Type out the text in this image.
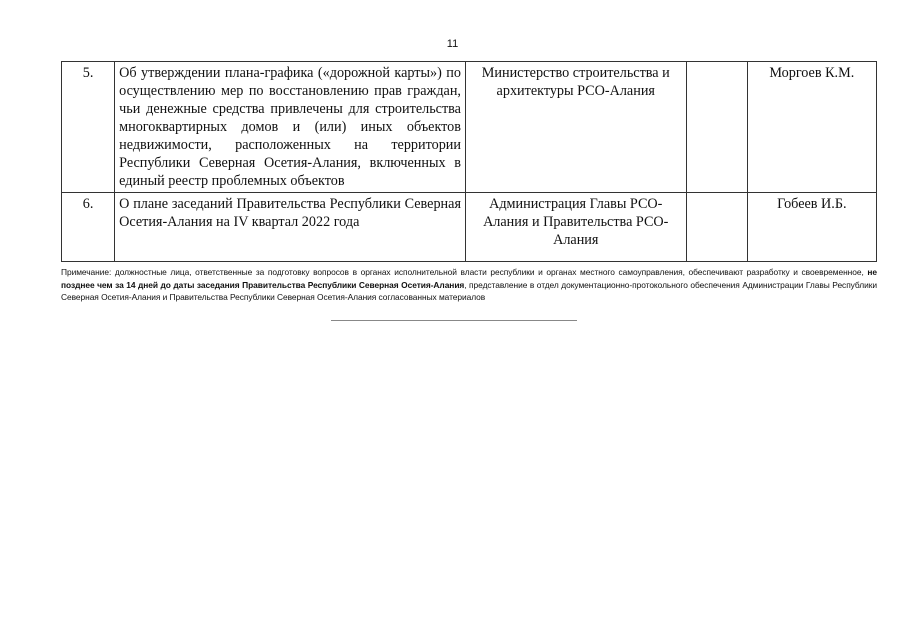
11
5.	Об утверждении плана-графика («дорожной карты») по осуществлению мер по восстановлению прав граждан, чьи денежные средства привлечены для строительства многоквартирных домов и (или) иных объектов недвижимости, расположенных на территории Республики Северная Осетия-Алания, включенных в единый реестр проблемных объектов	Министерство строительства и архитектуры РСО-Алания		Моргоев К.М.
6.	О плане заседаний Правительства Республики Северная Осетия-Алания на IV квартал 2022 года	Администрация Главы РСО-Алания и Правительства РСО-Алания		Гобеев И.Б.
Примечание: должностные лица, ответственные за подготовку вопросов в органах исполнительной власти республики и органах местного самоуправления, обеспечивают разработку и своевременное, не позднее чем за 14 дней до даты заседания Правительства Республики Северная Осетия-Алания, представление в отдел документационно-протокольного обеспечения Администрации Главы Республики Северная Осетия-Алания и Правительства Республики Северная Осетия-Алания согласованных материалов
